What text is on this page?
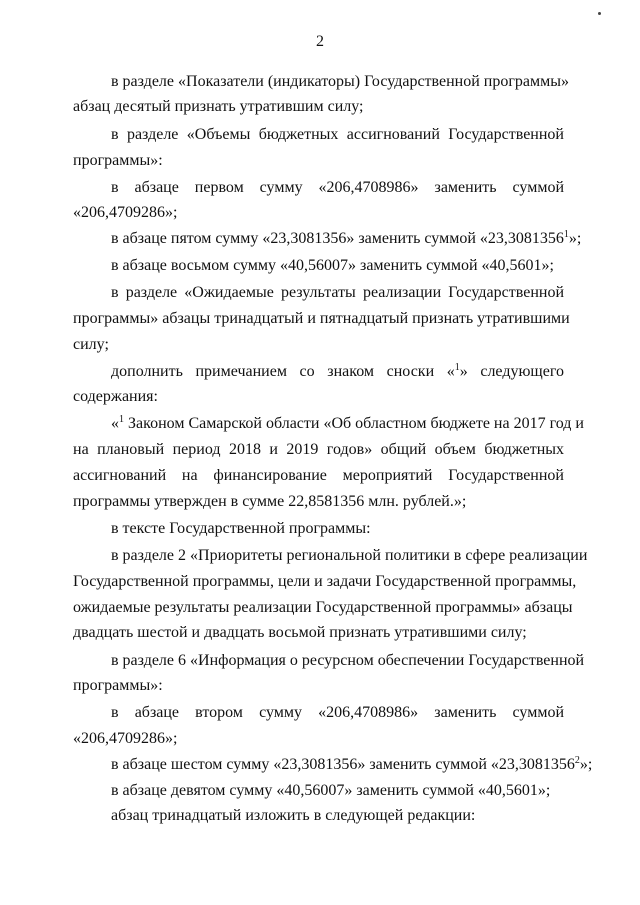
2
в разделе «Показатели (индикаторы) Государственной программы»
абзац десятый признать утратившим силу;
в разделе «Объемы бюджетных ассигнований Государственной
программы»:
в абзаце первом сумму «206,4708986» заменить суммой
«206,4709286»;
в абзаце пятом сумму «23,3081356» заменить суммой «23,3081356$^1$»;
в абзаце восьмом сумму «40,56007» заменить суммой «40,5601»;
в разделе «Ожидаемые результаты реализации Государственной
программы» абзацы тринадцатый и пятнадцатый признать утратившими
силу;
дополнить примечанием со знаком сноски «$^1$» следующего
содержания:
«$^1$ Законом Самарской области «Об областном бюджете на 2017 год и
на плановый период 2018 и 2019 годов» общий объем бюджетных
ассигнований на финансирование мероприятий Государственной
программы утвержден в сумме 22,8581356 млн. рублей.»;
в тексте Государственной программы:
в разделе 2 «Приоритеты региональной политики в сфере реализации
Государственной программы, цели и задачи Государственной программы,
ожидаемые результаты реализации Государственной программы» абзацы
двадцать шестой и двадцать восьмой признать утратившими силу;
в разделе 6 «Информация о ресурсном обеспечении Государственной
программы»:
в абзаце втором сумму «206,4708986» заменить суммой
«206,4709286»;
в абзаце шестом сумму «23,3081356» заменить суммой «23,3081356$^2$»;
в абзаце девятом сумму «40,56007» заменить суммой «40,5601»;
абзац тринадцатый изложить в следующей редакции:
